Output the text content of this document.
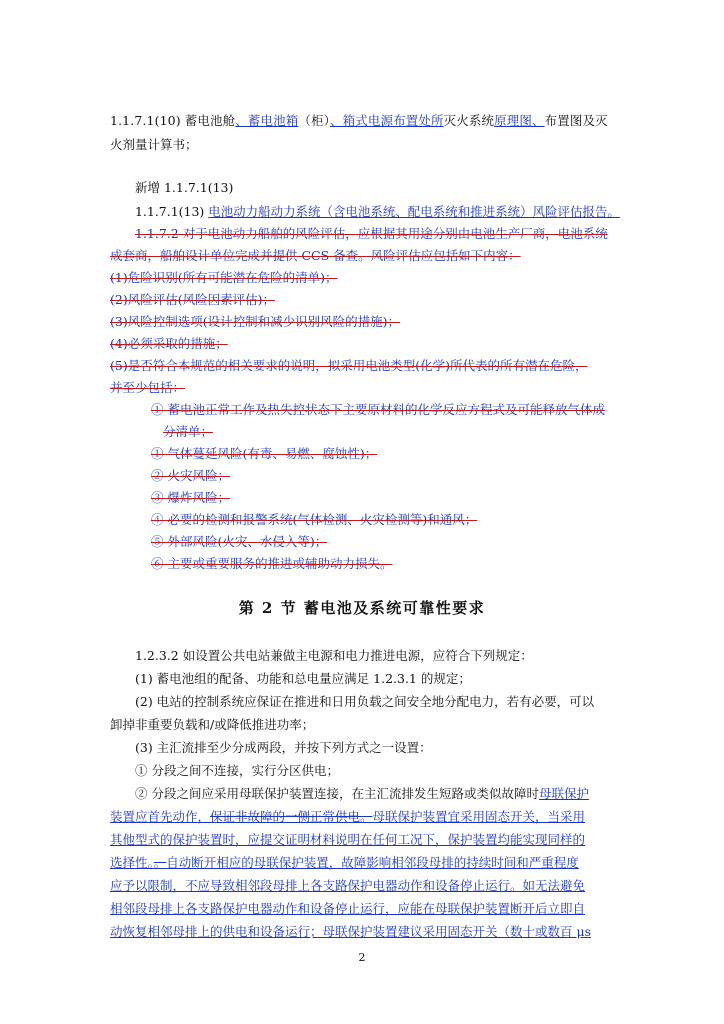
1.1.7.1(10) 蓄电池舱、蓄电池箱（柜）、箱式电源布置处所灭火系统原理图、布置图及灭
火剂量计算书；
新增 1.1.7.1(13)
1.1.7.1(13) 电池动力船动力系统（含电池系统、配电系统和推进系统）风险评估报告。
1.1.7.2 对于电池动力船舶的风险评估，应根据其用途分别由电池生产厂商，电池系统
成套商，船舶设计单位完成并提供 CCS 备查。风险评估应包括如下内容：
(1)危险识别(所有可能潜在危险的清单)；
(2)风险评估(风险因素评估)；
(3)风险控制选项(设计控制和减少识别风险的措施)；
(4)必须采取的措施；
(5)是否符合本规范的相关要求的说明，拟采用电池类型(化学)所代表的所有潜在危险，
并至少包括：
① 蓄电池正常工作及热失控状态下主要原材料的化学反应方程式及可能释放气体成
分清单；
① 气体蔓延风险(有毒、易燃、腐蚀性)；
② 火灾风险；
③ 爆炸风险；
④ 必要的检测和报警系统(气体检测、火灾检测等)和通风；
⑤ 外部风险(火灾、水侵入等)；
⑥ 主要或重要服务的推进或辅助动力损失。
第 2 节 蓄电池及系统可靠性要求
1.2.3.2 如设置公共电站兼做主电源和电力推进电源，应符合下列规定：
(1) 蓄电池组的配备、功能和总电量应满足 1.2.3.1 的规定；
(2) 电站的控制系统应保证在推进和日用负载之间安全地分配电力，若有必要，可以
卸掉非重要负载和/或降低推进功率；
(3) 主汇流排至少分成两段，并按下列方式之一设置：
① 分段之间不连接，实行分区供电；
② 分段之间应采用母联保护装置连接，在主汇流排发生短路或类似故障时母联保护
装置应首先动作，保证非故障的一侧正常供电。母联保护装置宜采用固态开关，当采用
其他型式的保护装置时，应提交证明材料说明在任何工况下，保护装置均能实现同样的
选择性。。自动断开相应的母联保护装置，故障影响相邻段母排的持续时间和严重程度
应予以限制，不应导致相邻段母排上各支路保护电器动作和设备停止运行。如无法避免
相邻段母排上各支路保护电器动作和设备停止运行，应能在母联保护装置断开后立即自
动恢复相邻母排上的供电和设备运行；母联保护装置建议采用固态开关（数十或数百 μs
2
